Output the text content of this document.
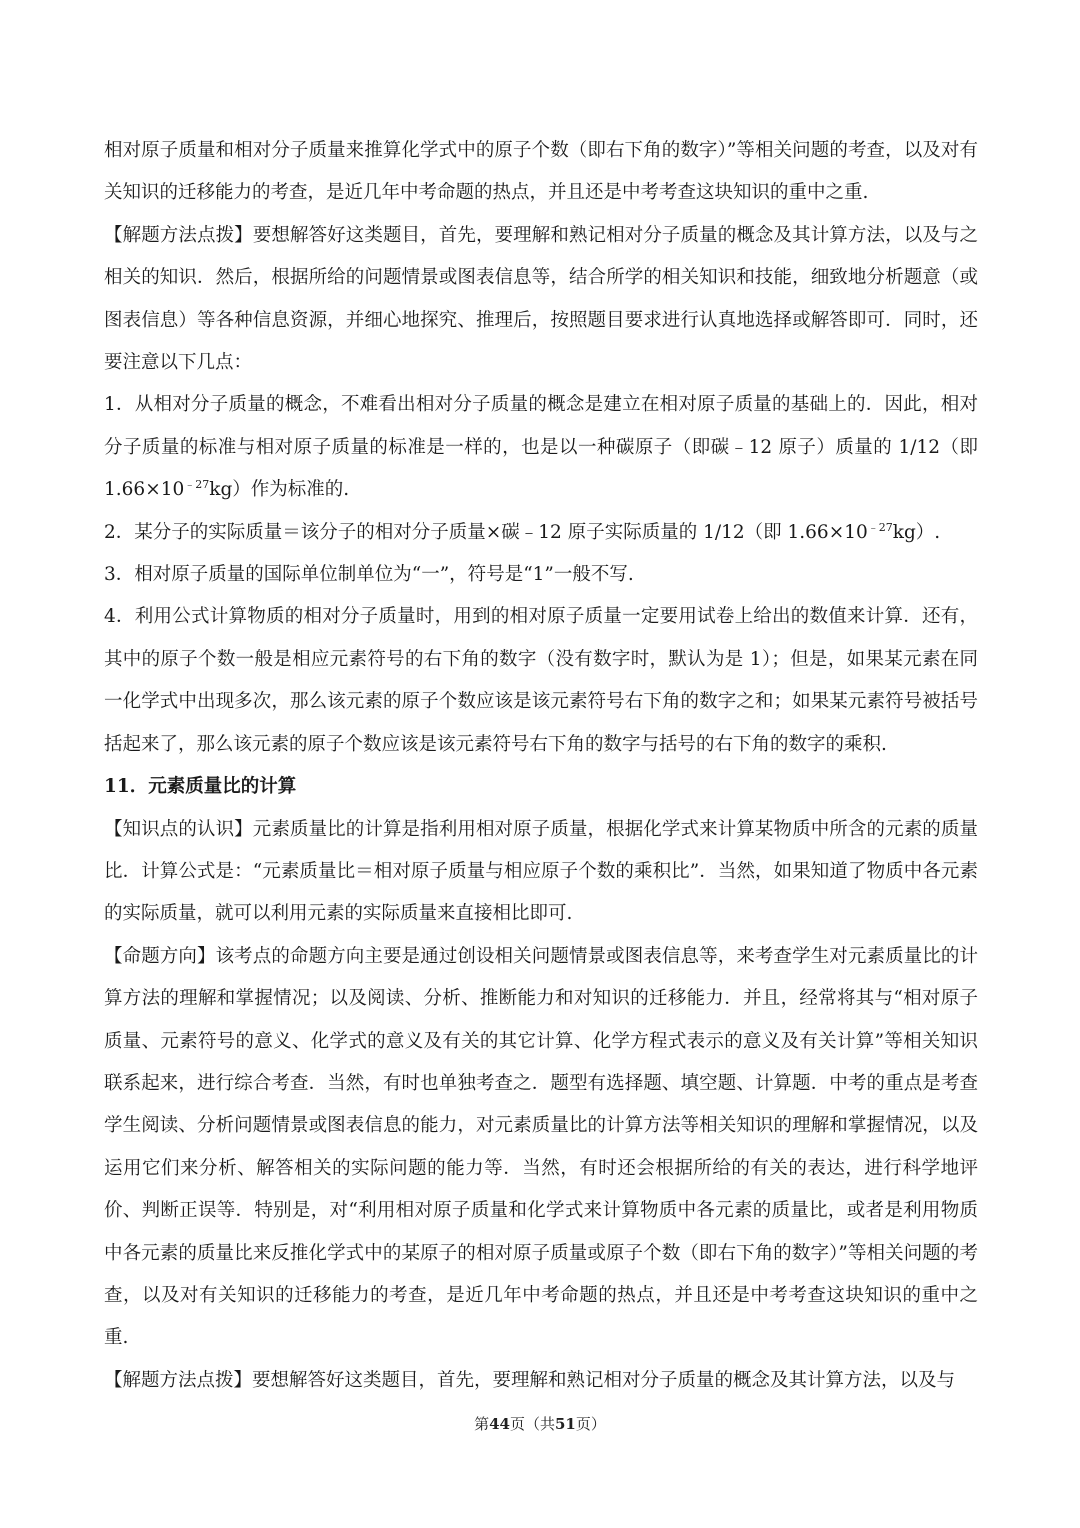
相对原子质量和相对分子质量来推算化学式中的原子个数（即右下角的数字）”等相关问题的考查，以及对有关知识的迁移能力的考查，是近几年中考命题的热点，并且还是中考考查这块知识的重中之重.

【解题方法点拨】要想解答好这类题目，首先，要理解和熟记相对分子质量的概念及其计算方法，以及与之相关的知识．然后，根据所给的问题情景或图表信息等，结合所学的相关知识和技能，细致地分析题意（或图表信息）等各种信息资源，并细心地探究、推理后，按照题目要求进行认真地选择或解答即可．同时，还要注意以下几点：

1．从相对分子质量的概念，不难看出相对分子质量的概念是建立在相对原子质量的基础上的．因此，相对分子质量的标准与相对原子质量的标准是一样的，也是以一种碳原子（即碳﹣12 原子）质量的 1/12（即 $1.66\times 10^{﹣27}kg$）作为标准的.

2．某分子的实际质量＝该分子的相对分子质量×碳﹣12 原子实际质量的 1/12（即 $1.66\times 10^{﹣27}kg$）.

3．相对原子质量的国际单位制单位为“一”，符号是“1”一般不写.

4．利用公式计算物质的相对分子质量时，用到的相对原子质量一定要用试卷上给出的数值来计算．还有，其中的原子个数一般是相应元素符号的右下角的数字（没有数字时，默认为是 1）；但是，如果某元素在同一化学式中出现多次，那么该元素的原子个数应该是该元素符号右下角的数字之和；如果某元素符号被括号括起来了，那么该元素的原子个数应该是该元素符号右下角的数字与括号的右下角的数字的乘积.

11．元素质量比的计算

【知识点的认识】元素质量比的计算是指利用相对原子质量，根据化学式来计算某物质中所含的元素的质量比．计算公式是：“元素质量比＝相对原子质量与相应原子个数的乘积比”．当然，如果知道了物质中各元素的实际质量，就可以利用元素的实际质量来直接相比即可.

【命题方向】该考点的命题方向主要是通过创设相关问题情景或图表信息等，来考查学生对元素质量比的计算方法的理解和掌握情况；以及阅读、分析、推断能力和对知识的迁移能力．并且，经常将其与“相对原子质量、元素符号的意义、化学式的意义及有关的其它计算、化学方程式表示的意义及有关计算”等相关知识联系起来，进行综合考查．当然，有时也单独考查之．题型有选择题、填空题、计算题．中考的重点是考查学生阅读、分析问题情景或图表信息的能力，对元素质量比的计算方法等相关知识的理解和掌握情况，以及运用它们来分析、解答相关的实际问题的能力等．当然，有时还会根据所给的有关的表达，进行科学地评价、判断正误等．特别是，对“利用相对原子质量和化学式来计算物质中各元素的质量比，或者是利用物质中各元素的质量比来反推化学式中的某原子的相对原子质量或原子个数（即右下角的数字）”等相关问题的考查，以及对有关知识的迁移能力的考查，是近几年中考命题的热点，并且还是中考考查这块知识的重中之重.

【解题方法点拨】要想解答好这类题目，首先，要理解和熟记相对分子质量的概念及其计算方法，以及与

第44页（共51页）
